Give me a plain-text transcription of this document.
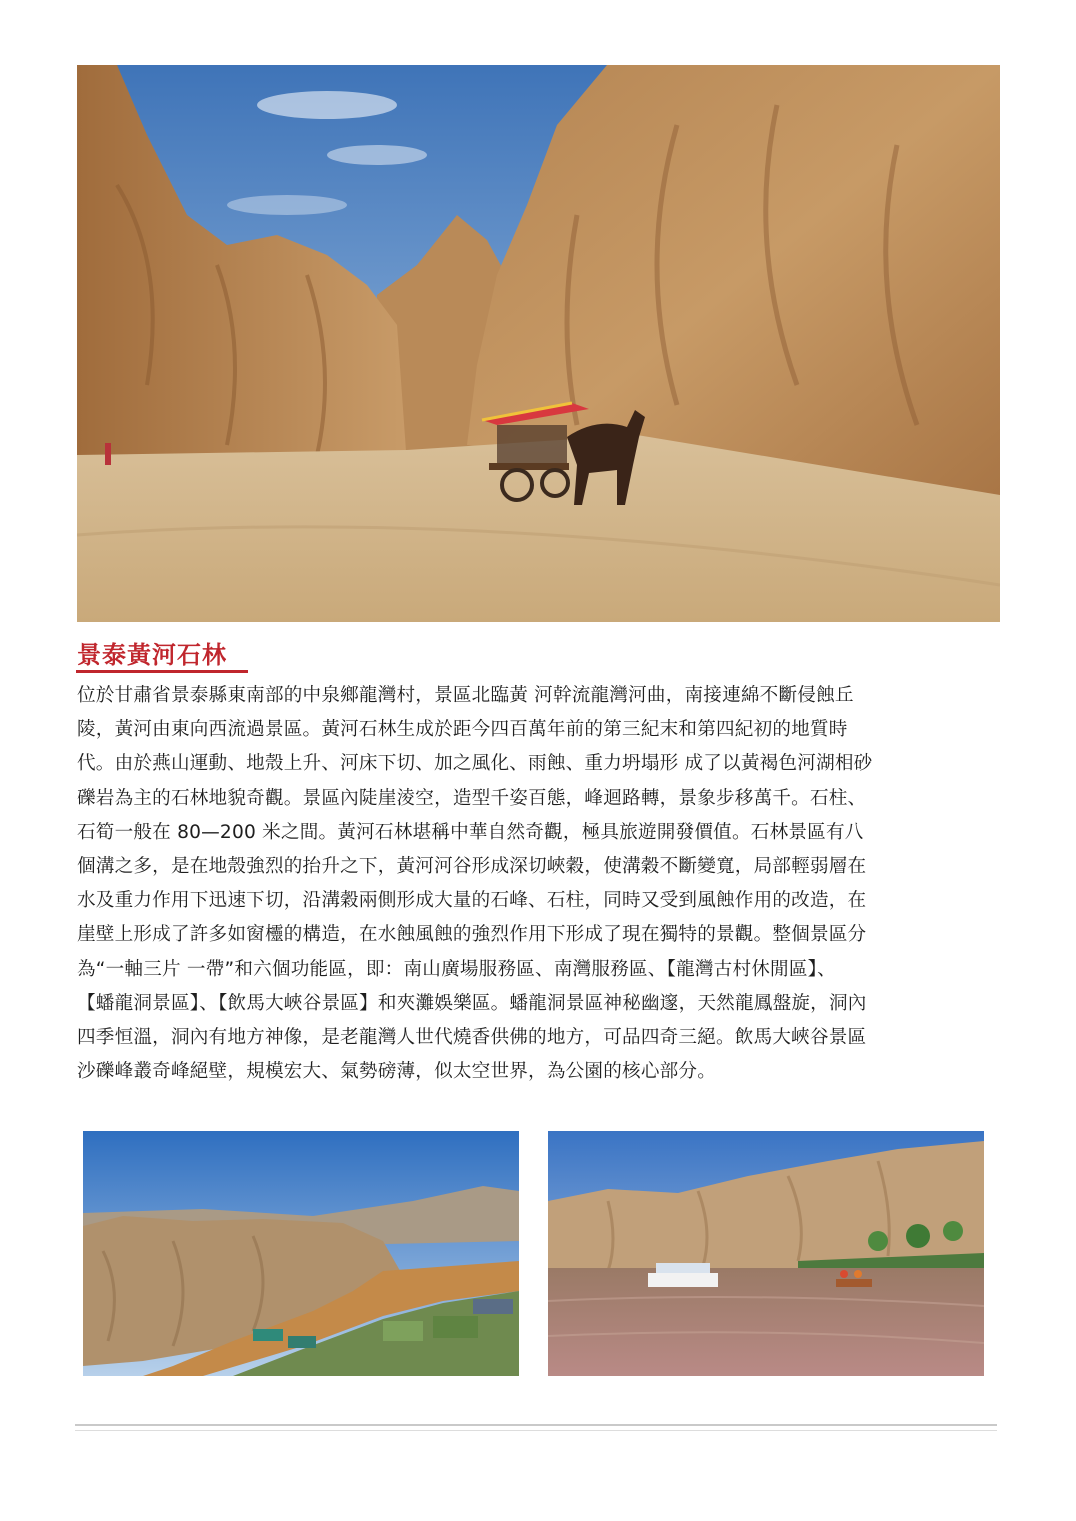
景泰黃河石林
位於甘肅省景泰縣東南部的中泉鄉龍灣村，景區北臨黃 河幹流龍灣河曲，南接連綿不斷侵蝕丘
陵，黃河由東向西流過景區。黃河石林生成於距今四百萬年前的第三紀末和第四紀初的地質時
代。由於燕山運動、地殼上升、河床下切、加之風化、雨蝕、重力坍塌形 成了以黃褐色河湖相砂
礫岩為主的石林地貌奇觀。景區內陡崖淩空，造型千姿百態，峰迴路轉，景象步移萬千。石柱、
石筍一般在 80—200 米之間。黃河石林堪稱中華自然奇觀，極具旅遊開發價值。石林景區有八
個溝之多，是在地殼強烈的抬升之下，黃河河谷形成深切峽穀，使溝穀不斷變寬，局部輕弱層在
水及重力作用下迅速下切，沿溝穀兩側形成大量的石峰、石柱，同時又受到風蝕作用的改造，在
崖壁上形成了許多如窗欞的構造，在水蝕風蝕的強烈作用下形成了現在獨特的景觀。整個景區分
為“一軸三片 一帶”和六個功能區，即：南山廣場服務區、南灣服務區、【龍灣古村休閒區】、
【蟠龍洞景區】、【飲馬大峽谷景區】和夾灘娛樂區。蟠龍洞景區神秘幽邃，天然龍鳳盤旋，洞內
四季恒溫，洞內有地方神像，是老龍灣人世代燒香供佛的地方，可品四奇三絕。飲馬大峽谷景區
沙礫峰叢奇峰絕壁，規模宏大、氣勢磅薄，似太空世界，為公園的核心部分。
